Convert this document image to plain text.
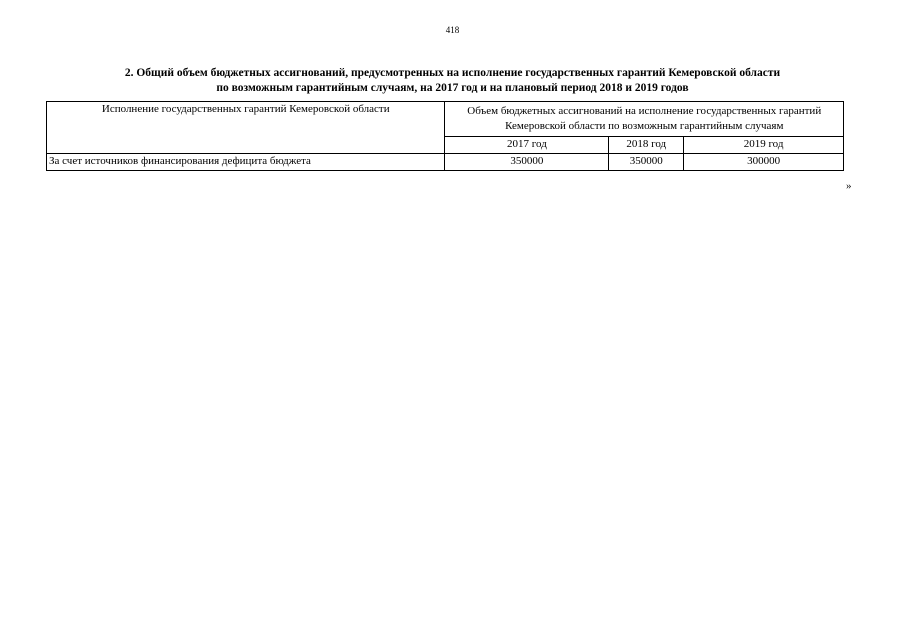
418
2. Общий объем бюджетных ассигнований, предусмотренных на исполнение государственных гарантий Кемеровской области
по возможным гарантийным случаям, на 2017 год и на плановый период 2018 и 2019 годов
Исполнение государственных гарантий Кемеровской области	Объем бюджетных ассигнований на исполнение государственных гарантий Кемеровской области по возможным гарантийным случаям		
	2017 год	2018 год	2019 год
За счет источников финансирования дефицита бюджета	350000	350000	300000
»
